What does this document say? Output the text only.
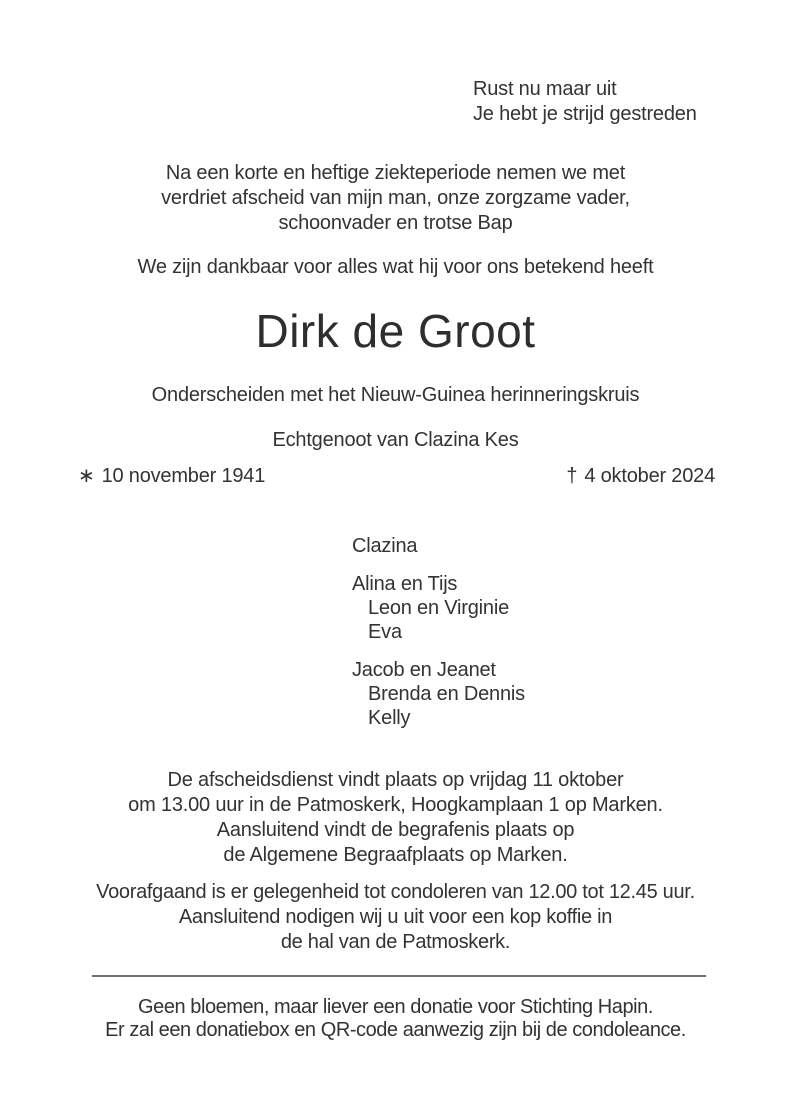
Rust nu maar uit
Je hebt je strijd gestreden
Na een korte en heftige ziekteperiode nemen we met
verdriet afscheid van mijn man, onze zorgzame vader,
schoonvader en trotse Bap
We zijn dankbaar voor alles wat hij voor ons betekend heeft
Dirk de Groot
Onderscheiden met het Nieuw-Guinea herinneringskruis
Echtgenoot van Clazina Kes
∗ 10 november 1941	† 4 oktober 2024
Clazina
Alina en Tijs
Leon en Virginie
Eva
Jacob en Jeanet
Brenda en Dennis
Kelly
De afscheidsdienst vindt plaats op vrijdag 11 oktober
om 13.00 uur in de Patmoskerk, Hoogkamplaan 1 op Marken.
Aansluitend vindt de begrafenis plaats op
de Algemene Begraafplaats op Marken.
Voorafgaand is er gelegenheid tot condoleren van 12.00 tot 12.45 uur.
Aansluitend nodigen wij u uit voor een kop koffie in
de hal van de Patmoskerk.
Geen bloemen, maar liever een donatie voor Stichting Hapin.
Er zal een donatiebox en QR-code aanwezig zijn bij de condoleance.
